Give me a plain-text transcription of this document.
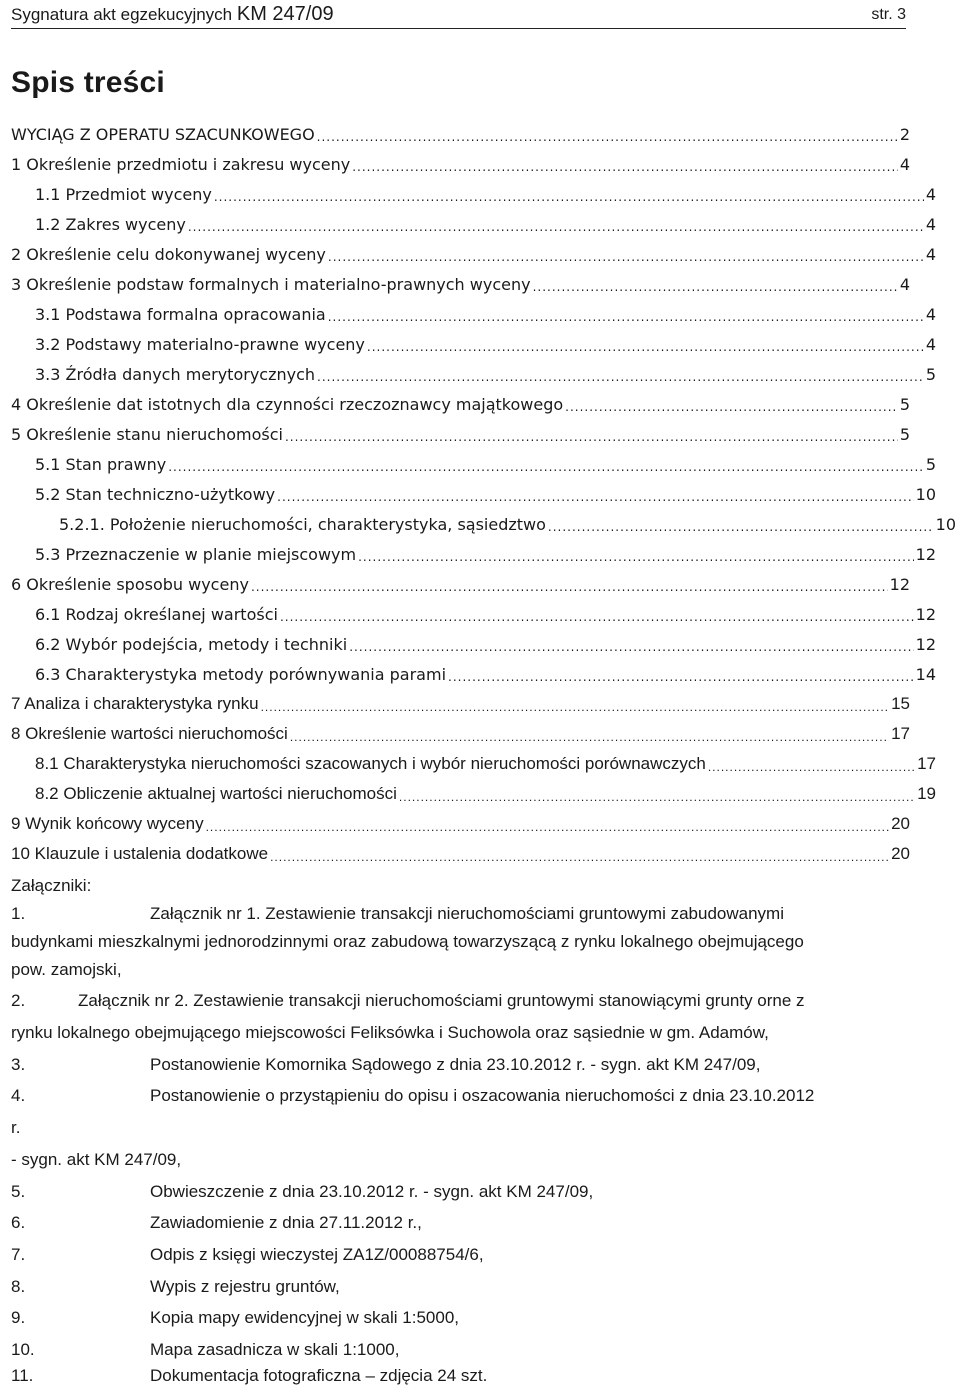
Sygnatura akt egzekucyjnych KM 247/09	str. 3
Spis treści
WYCIĄG Z OPERATU SZACUNKOWEGO .....	2
1 Określenie przedmiotu i zakresu wyceny .....	4
1.1 Przedmiot wyceny .....	4
1.2 Zakres wyceny .....	4
2 Określenie celu dokonywanej wyceny .....	4
3 Określenie podstaw formalnych i materialno-prawnych wyceny .....	4
3.1 Podstawa formalna opracowania .....	4
3.2 Podstawy materialno-prawne wyceny .....	4
3.3 Źródła danych merytorycznych .....	5
4 Określenie dat istotnych dla czynności rzeczoznawcy majątkowego .....	5
5 Określenie stanu nieruchomości .....	5
5.1 Stan prawny .....	5
5.2 Stan techniczno-użytkowy .....	10
5.2.1. Położenie nieruchomości, charakterystyka, sąsiedztwo .....	10
5.3 Przeznaczenie w planie miejscowym .....	12
6 Określenie sposobu wyceny .....	12
6.1 Rodzaj określanej wartości .....	12
6.2 Wybór podejścia, metody i techniki .....	12
6.3 Charakterystyka metody porównywania parami .....	14
7 Analiza i charakterystyka rynku .....	15
8 Określenie wartości nieruchomości .....	17
8.1 Charakterystyka nieruchomości szacowanych i wybór nieruchomości porównawczych .....	17
8.2 Obliczenie aktualnej wartości nieruchomości .....	19
9 Wynik końcowy wyceny .....	20
10 Klauzule i ustalenia dodatkowe .....	20
Załączniki:
1.	Załącznik nr 1. Zestawienie transakcji nieruchomościami gruntowymi zabudowanymi
budynkami mieszkalnymi jednorodzinnymi oraz zabudową towarzyszącą z rynku lokalnego obejmującego
pow. zamojski,
2.	Załącznik nr 2. Zestawienie transakcji nieruchomościami gruntowymi stanowiącymi grunty orne z
rynku lokalnego obejmującego miejscowości Feliksówka i Suchowola oraz sąsiednie w gm. Adamów,
3.	Postanowienie Komornika Sądowego z dnia 23.10.2012 r. - sygn. akt KM 247/09,
4.	Postanowienie o przystąpieniu do opisu i oszacowania nieruchomości z dnia 23.10.2012
r.
- sygn. akt KM 247/09,
5.	Obwieszczenie z dnia 23.10.2012 r. - sygn. akt KM 247/09,
6.	Zawiadomienie z dnia 27.11.2012 r.,
7.	Odpis z księgi wieczystej ZA1Z/00088754/6,
8.	Wypis z rejestru gruntów,
9.	Kopia mapy ewidencyjnej w skali 1:5000,
10.	Mapa zasadnicza w skali 1:1000,
11.	Dokumentacja fotograficzna – zdjęcia 24 szt.
